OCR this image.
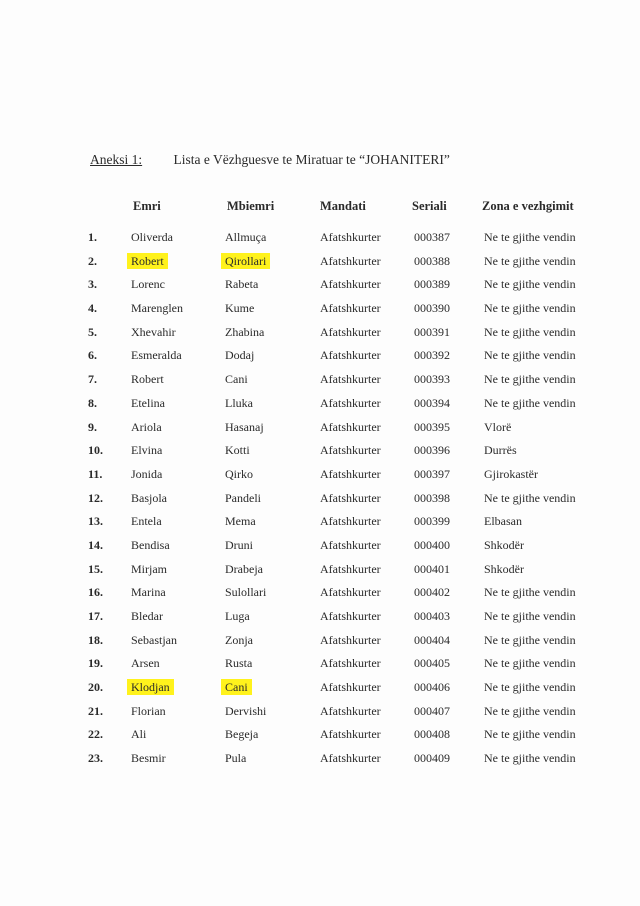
Aneksi 1: Lista e Vëzhguesve te Miratuar te “JOHANITERI”
Emri	Mbiemri	Mandati	Seriali	Zona e vezhgimit
1.	Oliverda	Allmuça	Afatshkurter	000387	Ne te gjithe vendin
2.	Robert	Qirollari	Afatshkurter	000388	Ne te gjithe vendin
3.	Lorenc	Rabeta	Afatshkurter	000389	Ne te gjithe vendin
4.	Marenglen	Kume	Afatshkurter	000390	Ne te gjithe vendin
5.	Xhevahir	Zhabina	Afatshkurter	000391	Ne te gjithe vendin
6.	Esmeralda	Dodaj	Afatshkurter	000392	Ne te gjithe vendin
7.	Robert	Cani	Afatshkurter	000393	Ne te gjithe vendin
8.	Etelina	Lluka	Afatshkurter	000394	Ne te gjithe vendin
9.	Ariola	Hasanaj	Afatshkurter	000395	Vlorë
10. Elvina	Kotti	Afatshkurter	000396	Durrës
11. Jonida	Qirko	Afatshkurter	000397	Gjirokastër
12. Basjola	Pandeli	Afatshkurter	000398	Ne te gjithe vendin
13. Entela	Mema	Afatshkurter	000399	Elbasan
14. Bendisa	Druni	Afatshkurter	000400	Shkodër
15. Mirjam	Drabeja	Afatshkurter	000401	Shkodër
16. Marina	Sulollari	Afatshkurter	000402	Ne te gjithe vendin
17. Bledar	Luga	Afatshkurter	000403	Ne te gjithe vendin
18. Sebastjan	Zonja	Afatshkurter	000404	Ne te gjithe vendin
19. Arsen	Rusta	Afatshkurter	000405	Ne te gjithe vendin
20. Klodjan	Cani	Afatshkurter	000406	Ne te gjithe vendin
21. Florian	Dervishi	Afatshkurter	000407	Ne te gjithe vendin
22. Ali	Begeja	Afatshkurter	000408	Ne te gjithe vendin
23. Besmir	Pula	Afatshkurter	000409	Ne te gjithe vendin
